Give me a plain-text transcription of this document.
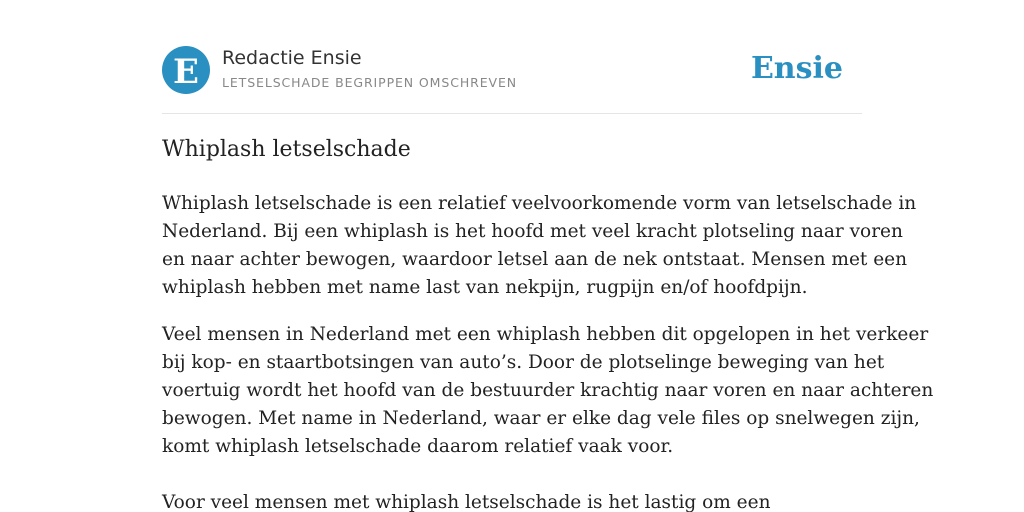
E Redactie Ensie
LETSELSCHADE BEGRIPPEN OMSCHREVEN	Ensie
Whiplash letselschade

Whiplash letselschade is een relatief veelvoorkomende vorm van letselschade in
Nederland. Bij een whiplash is het hoofd met veel kracht plotseling naar voren
en naar achter bewogen, waardoor letsel aan de nek ontstaat. Mensen met een
whiplash hebben met name last van nekpijn, rugpijn en/of hoofdpijn.

Veel mensen in Nederland met een whiplash hebben dit opgelopen in het verkeer
bij kop- en staartbotsingen van auto’s. Door de plotselinge beweging van het
voertuig wordt het hoofd van de bestuurder krachtig naar voren en naar achteren
bewogen. Met name in Nederland, waar er elke dag vele files op snelwegen zijn,
komt whiplash letselschade daarom relatief vaak voor.

Voor veel mensen met whiplash letselschade is het lastig om een
